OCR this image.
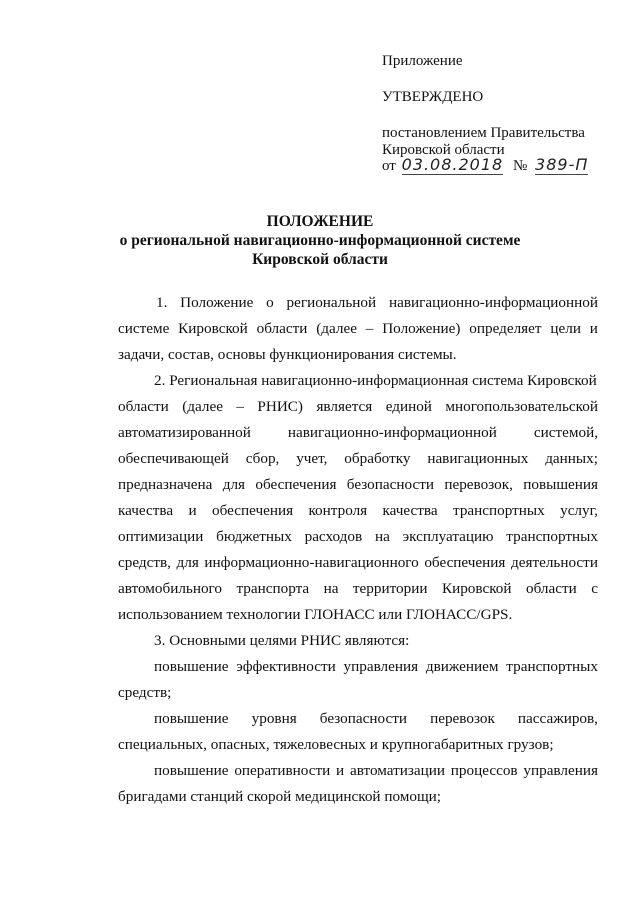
Приложение
УТВЕРЖДЕНО
постановлением Правительства
Кировской области
от 03.08.2018 № 389-П
ПОЛОЖЕНИЕ
о региональной навигационно-информационной системе
Кировской области
1. Положение о региональной навигационно-информационной
системе Кировской области (далее – Положение) определяет цели и
задачи, состав, основы функционирования системы.
2. Региональная навигационно-информационная система Кировской
области (далее – РНИС) является единой многопользовательской
автоматизированной навигационно-информационной системой,
обеспечивающей сбор, учет, обработку навигационных данных;
предназначена для обеспечения безопасности перевозок, повышения
качества и обеспечения контроля качества транспортных услуг,
оптимизации бюджетных расходов на эксплуатацию транспортных
средств, для информационно-навигационного обеспечения деятельности
автомобильного транспорта на территории Кировской области с
использованием технологии ГЛОНАСС или ГЛОНАСС/GPS.
3. Основными целями РНИС являются:
повышение эффективности управления движением транспортных
средств;
повышение уровня безопасности перевозок пассажиров,
специальных, опасных, тяжеловесных и крупногабаритных грузов;
повышение оперативности и автоматизации процессов управления
бригадами станций скорой медицинской помощи;
